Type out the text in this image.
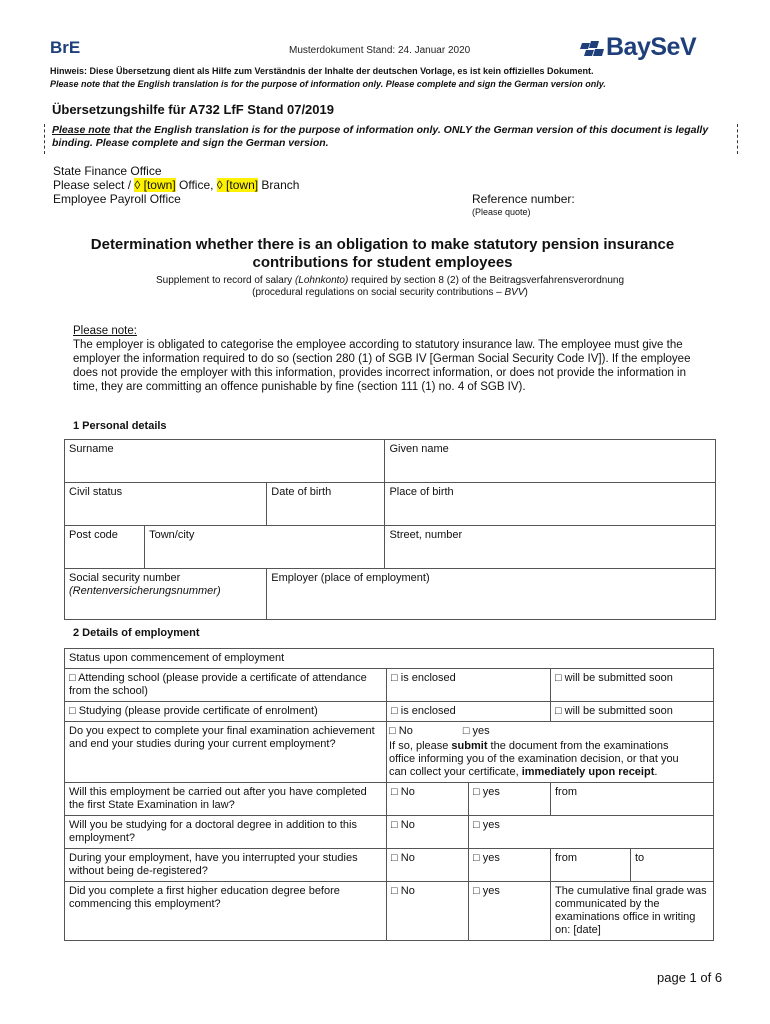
BrE	Musterdokument Stand: 24. Januar 2020	BaySeV
Hinweis: Diese Übersetzung dient als Hilfe zum Verständnis der Inhalte der deutschen Vorlage, es ist kein offizielles Dokument.
Please note that the English translation is for the purpose of information only. Please complete and sign the German version only.
Übersetzungshilfe für A732 LfF Stand 07/2019
Please note that the English translation is for the purpose of information only. ONLY the German version of this document is legally binding. Please complete and sign the German version.
State Finance Office
Please select / ◊ [town] Office, ◊ [town] Branch
Employee Payroll Office	Reference number:
(Please quote)
Determination whether there is an obligation to make statutory pension insurance contributions for student employees
Supplement to record of salary (Lohnkonto) required by section 8 (2) of the Beitragsverfahrensverordnung (procedural regulations on social security contributions – BVV)
Please note:
The employer is obligated to categorise the employee according to statutory insurance law. The employee must give the employer the information required to do so (section 280 (1) of SGB IV [German Social Security Code IV]). If the employee does not provide the employer with this information, provides incorrect information, or does not provide the information in time, they are committing an offence punishable by fine (section 111 (1) no. 4 of SGB IV).
1 Personal details
Surname			Given name
Civil status		Date of birth	Place of birth
Post code	Town/city		Street, number

Social security number
(Rentenversicherungsnummer)		Employer (place of employment)	
2 Details of employment
Status upon commencement of employment				
□ Attending school (please provide a certificate of attendance from the school)	□ is enclosed		□ will be submitted soon	
□ Studying (please provide certificate of enrolment)	□ is enclosed		□ will be submitted soon	
Do you expect to complete your final examination achievement and end your studies during your current employment?	□ No □ yes
If so, please submit the document from the examinations office informing you of the examination decision, or that you can collect your certificate, immediately upon receipt.			

Will this employment be carried out after you have completed the first State Examination in law?	□ No	□ yes	from	
Will you be studying for a doctoral degree in addition to this employment?	□ No	□ yes		
During your employment, have you interrupted your studies without being de-registered?	□ No	□ yes	from	to
Did you complete a first higher education degree before commencing this employment?	□ No	□ yes	The cumulative final grade was communicated by the examinations office in writing on: [date]	
page 1 of 6
